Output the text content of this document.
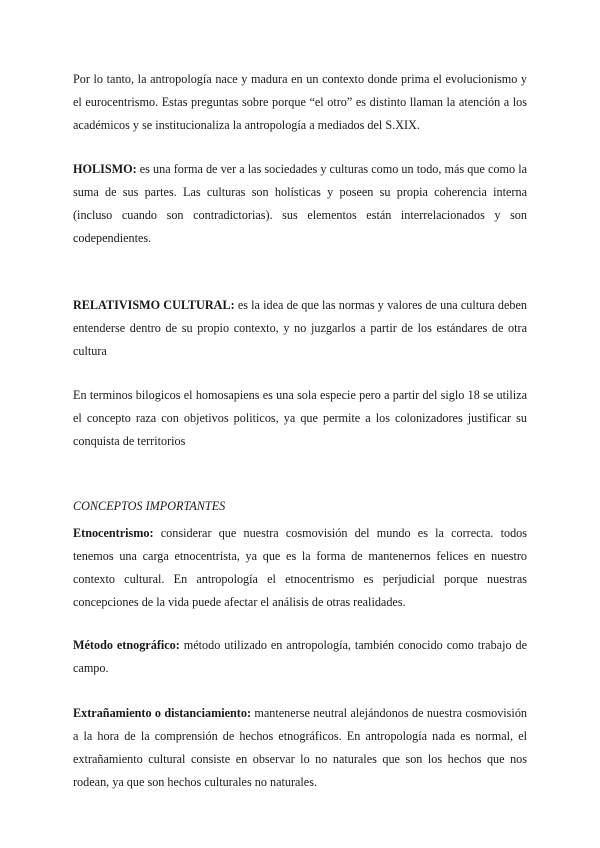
Por lo tanto, la antropología nace y madura en un contexto donde prima el evolucionismo y el eurocentrismo. Estas preguntas sobre porque “el otro” es distinto llaman la atención a los académicos y se institucionaliza la antropología a mediados del S.XIX.

HOLISMO: es una forma de ver a las sociedades y culturas como un todo, más que como la suma de sus partes. Las culturas son holísticas y poseen su propia coherencia interna (incluso cuando son contradictorias). sus elementos están interrelacionados y son codependientes.

RELATIVISMO CULTURAL: es la idea de que las normas y valores de una cultura deben entenderse dentro de su propio contexto, y no juzgarlos a partir de los estándares de otra cultura

En terminos bilogicos el homosapiens es una sola especie pero a partir del siglo 18 se utiliza el concepto raza con objetivos politicos, ya que permite a los colonizadores justificar su conquista de territorios

CONCEPTOS IMPORTANTES

Etnocentrismo: considerar que nuestra cosmovisión del mundo es la correcta. todos tenemos una carga etnocentrista, ya que es la forma de mantenernos felices en nuestro contexto cultural. En antropología el etnocentrismo es perjudicial porque nuestras concepciones de la vida puede afectar el análisis de otras realidades.

Método etnográfico: método utilizado en antropología, también conocido como trabajo de campo.

Extrañamiento o distanciamiento: mantenerse neutral alejándonos de nuestra cosmovisión a la hora de la comprensión de hechos etnográficos. En antropología nada es normal, el extrañamiento cultural consiste en observar lo no naturales que son los hechos que nos rodean, ya que son hechos culturales no naturales.
